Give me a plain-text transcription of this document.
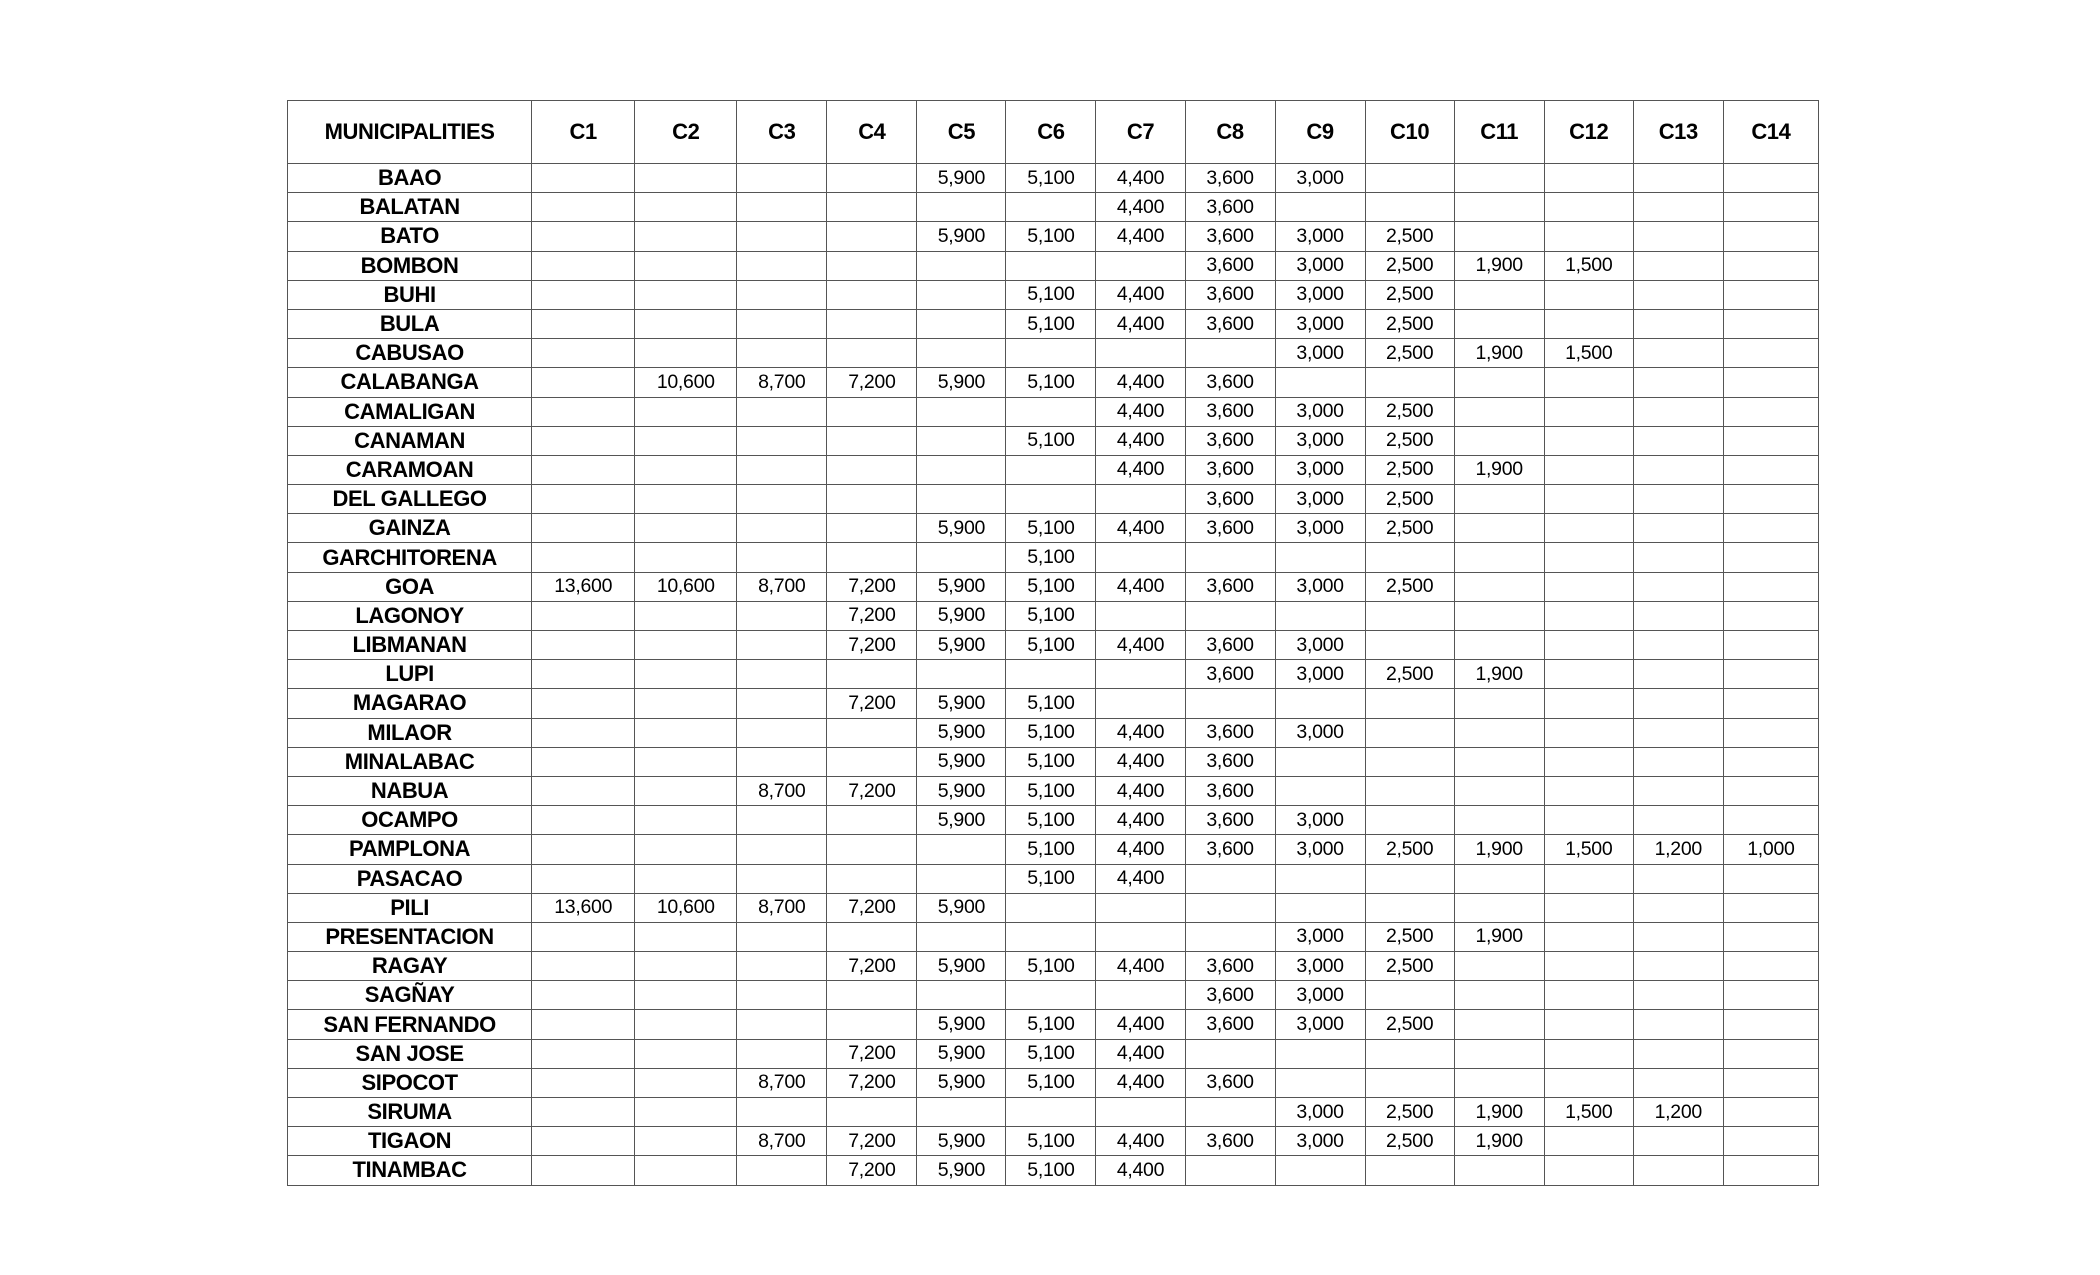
MUNICIPALITIES	C1	C2	C3	C4	C5	C6	C7	C8	C9	C10	C11	C12	C13	C14
BAAO					5,900	5,100	4,400	3,600	3,000					
BALATAN							4,400	3,600						
BATO					5,900	5,100	4,400	3,600	3,000	2,500				
BOMBON								3,600	3,000	2,500	1,900	1,500		
BUHI						5,100	4,400	3,600	3,000	2,500				
BULA						5,100	4,400	3,600	3,000	2,500				
CABUSAO									3,000	2,500	1,900	1,500		
CALABANGA		10,600	8,700	7,200	5,900	5,100	4,400	3,600						
CAMALIGAN							4,400	3,600	3,000	2,500				
CANAMAN						5,100	4,400	3,600	3,000	2,500				
CARAMOAN							4,400	3,600	3,000	2,500	1,900			
DEL GALLEGO								3,600	3,000	2,500				
GAINZA					5,900	5,100	4,400	3,600	3,000	2,500				
GARCHITORENA						5,100								
GOA	13,600	10,600	8,700	7,200	5,900	5,100	4,400	3,600	3,000	2,500				
LAGONOY				7,200	5,900	5,100								
LIBMANAN				7,200	5,900	5,100	4,400	3,600	3,000					
LUPI								3,600	3,000	2,500	1,900			
MAGARAO				7,200	5,900	5,100								
MILAOR					5,900	5,100	4,400	3,600	3,000					
MINALABAC					5,900	5,100	4,400	3,600						
NABUA			8,700	7,200	5,900	5,100	4,400	3,600						
OCAMPO					5,900	5,100	4,400	3,600	3,000					
PAMPLONA						5,100	4,400	3,600	3,000	2,500	1,900	1,500	1,200	1,000
PASACAO						5,100	4,400							
PILI	13,600	10,600	8,700	7,200	5,900									
PRESENTACION									3,000	2,500	1,900			
RAGAY				7,200	5,900	5,100	4,400	3,600	3,000	2,500				
SAGÑAY								3,600	3,000					
SAN FERNANDO					5,900	5,100	4,400	3,600	3,000	2,500				
SAN JOSE				7,200	5,900	5,100	4,400							
SIPOCOT			8,700	7,200	5,900	5,100	4,400	3,600						
SIRUMA									3,000	2,500	1,900	1,500	1,200	
TIGAON			8,700	7,200	5,900	5,100	4,400	3,600	3,000	2,500	1,900			
TINAMBAC				7,200	5,900	5,100	4,400							
